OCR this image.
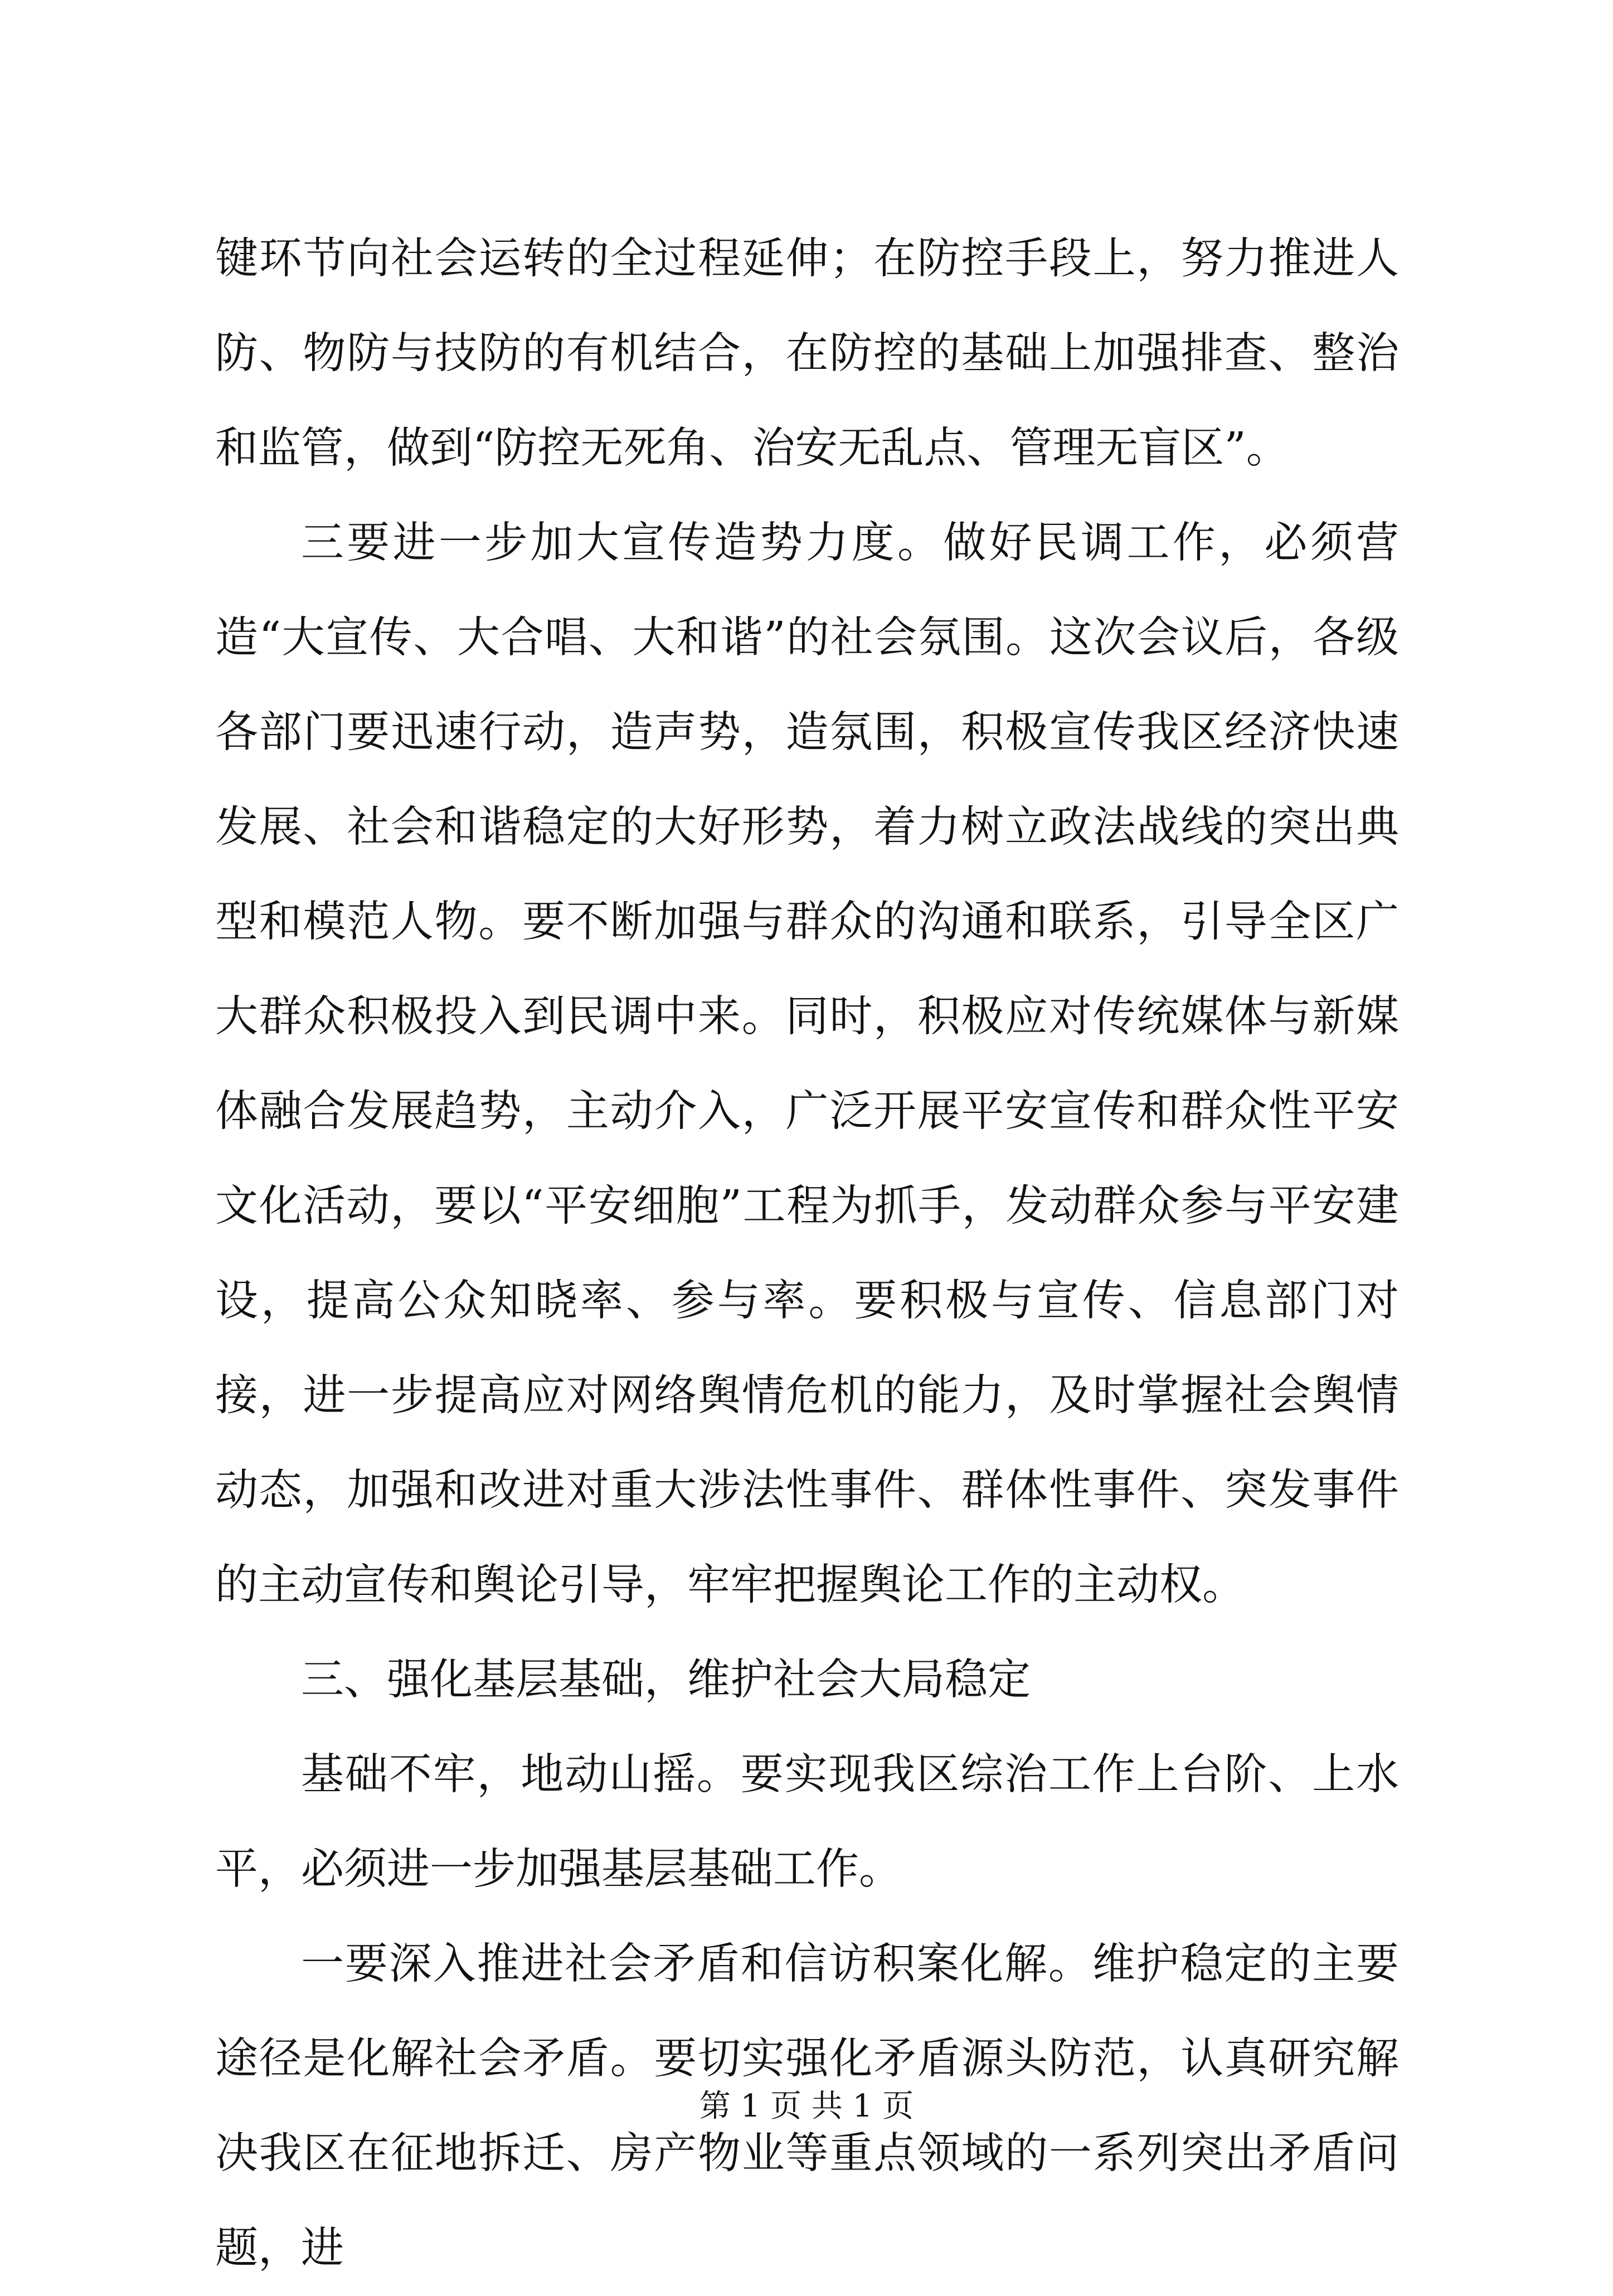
键环节向社会运转的全过程延伸；在防控手段上，努力推进人防、物防与技防的有机结合，在防控的基础上加强排查、整治和监管，做到“防控无死角、治安无乱点、管理无盲区”。

三要进一步加大宣传造势力度。做好民调工作，必须营造“大宣传、大合唱、大和谐”的社会氛围。这次会议后，各级各部门要迅速行动，造声势，造氛围，积极宣传我区经济快速发展、社会和谐稳定的大好形势，着力树立政法战线的突出典型和模范人物。要不断加强与群众的沟通和联系，引导全区广大群众积极投入到民调中来。同时，积极应对传统媒体与新媒体融合发展趋势，主动介入，广泛开展平安宣传和群众性平安文化活动，要以“平安细胞”工程为抓手，发动群众参与平安建设，提高公众知晓率、参与率。要积极与宣传、信息部门对接，进一步提高应对网络舆情危机的能力，及时掌握社会舆情动态，加强和改进对重大涉法性事件、群体性事件、突发事件的主动宣传和舆论引导，牢牢把握舆论工作的主动权。

三、强化基层基础，维护社会大局稳定

基础不牢，地动山摇。要实现我区综治工作上台阶、上水平，必须进一步加强基层基础工作。

一要深入推进社会矛盾和信访积案化解。维护稳定的主要途径是化解社会矛盾。要切实强化矛盾源头防范，认真研究解决我区在征地拆迁、房产物业等重点领域的一系列突出矛盾问题，进

第 1 页 共 1 页
